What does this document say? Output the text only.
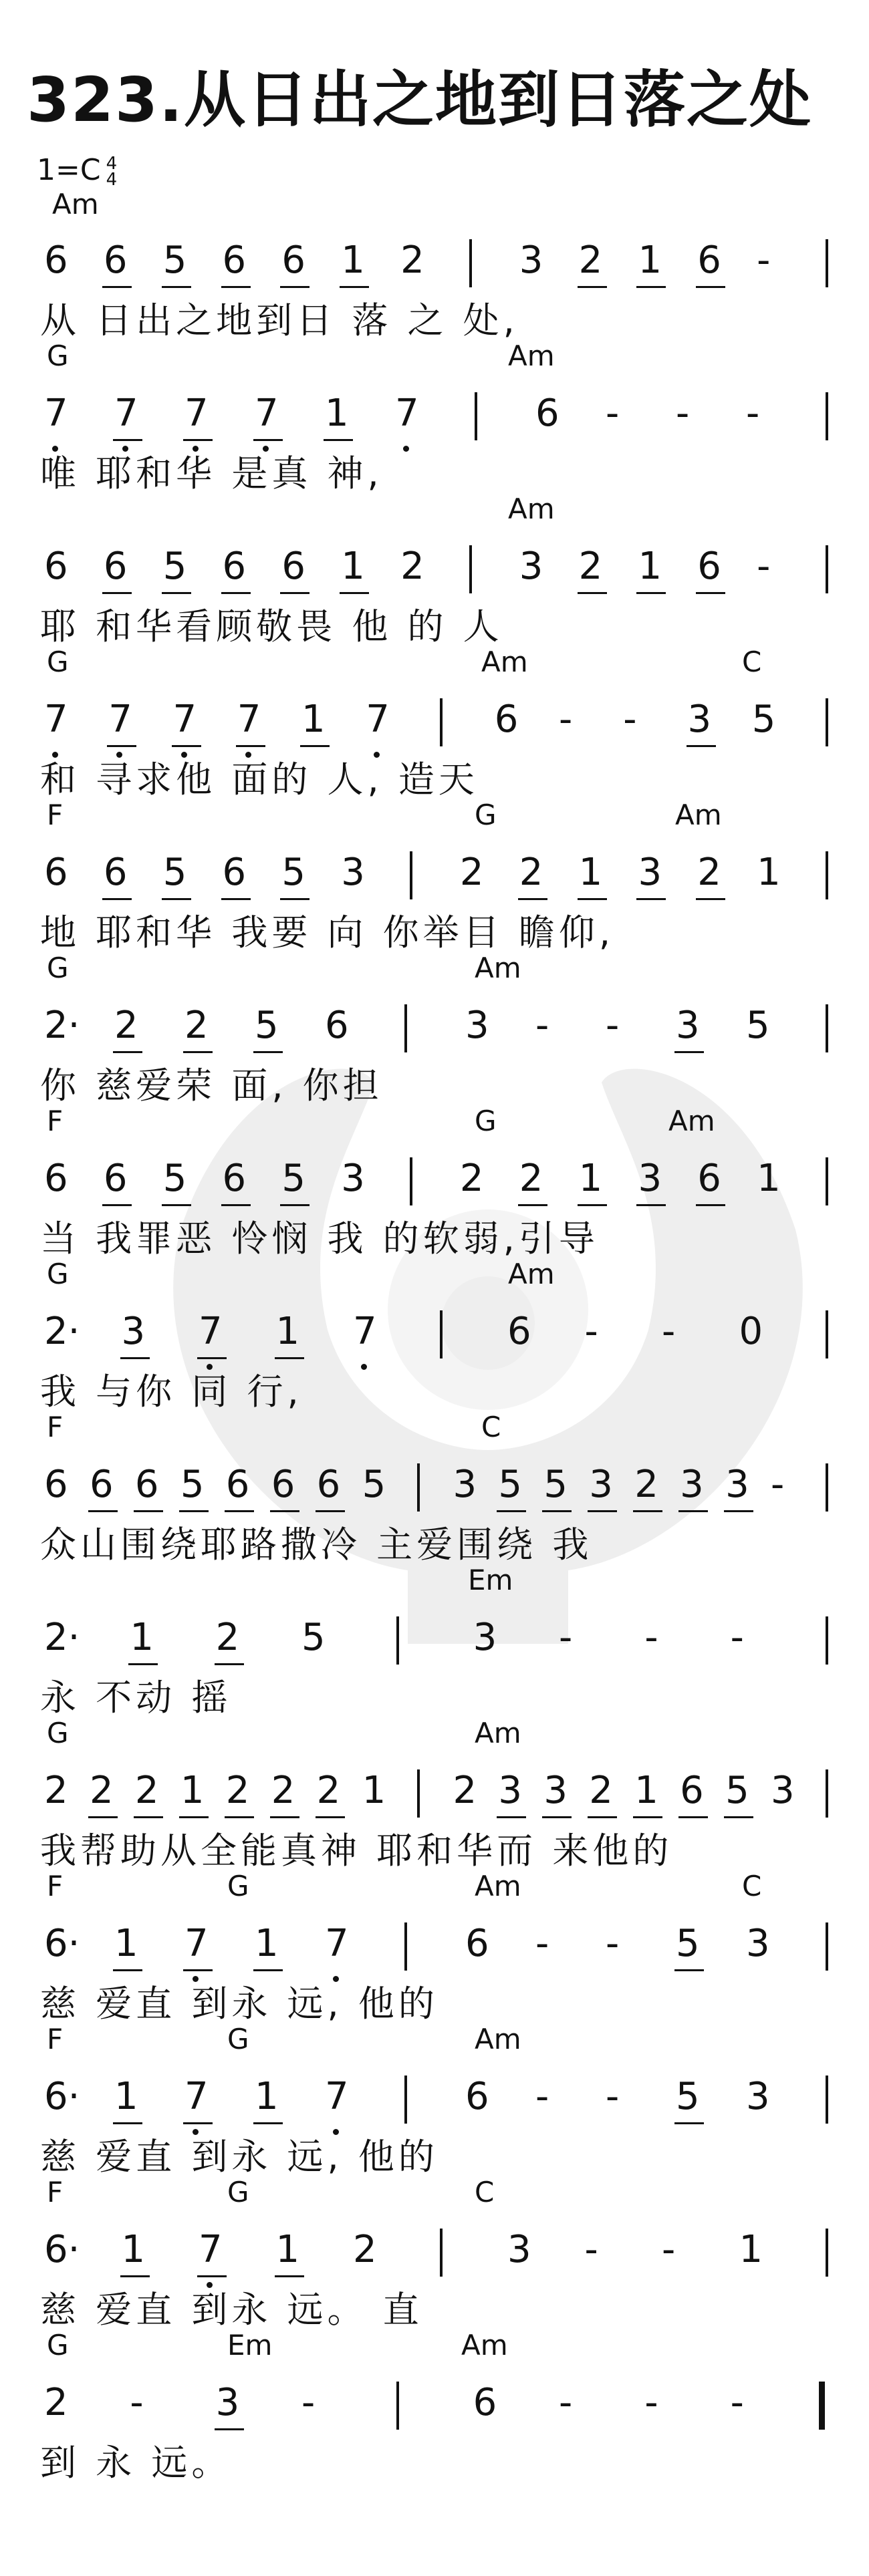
323.从日出之地到日落之处
1=C 4
4
Am
6 6 5 6 6 1 2	3 2 1 6 -
从 日出之地到日 落 之 处,
G	Am
7 7 7 7 1 7	6 - - -
唯 耶和华 是真 神,
Am
6 6 5 6 6 1 2	3 2 1 6 -
耶 和华看顾敬畏 他 的 人
G	Am	C
7 7 7 7 1 7	6 - - 3 5
和 寻求他 面的 人, 造天
F	G	Am
6 6 5 6 5 3	2 2 1 3 2 1
地 耶和华 我要 向 你举目 瞻仰,
G	Am
2· 2 2 5 6	3 - - 3 5
你 慈爱荣 面, 你担
F	G	Am
6 6 5 6 5 3	2 2 1 3 6 1
当 我罪恶 怜悯 我 的软弱,引导
G	Am
2· 3 7 1 7	6 - - 0
我 与你 同 行,
F	C
6 6 6 5 6 6 6 5 3 5 5 3 2 3 3 -
众山围绕耶路撒冷 主爱围绕 我
Em
2· 1 2 5	3 - - -
永 不动 摇
G	Am
2 2 2 1 2 2 2 1 2 3 3 2 1 6 5 3
我帮助从全能真神 耶和华而 来他的
F	G	Am	C
6· 1 7 1 7	6 - - 5 3
慈 爱直 到永 远, 他的
F	G	Am
6· 1 7 1 7	6 - - 5 3
慈 爱直 到永 远, 他的
F	G	C
6· 1 7 1 2	3 - - 1
慈 爱直 到永 远。 直
G	Em	Am
2 - 3 -	6 - - -
到 永 远。
